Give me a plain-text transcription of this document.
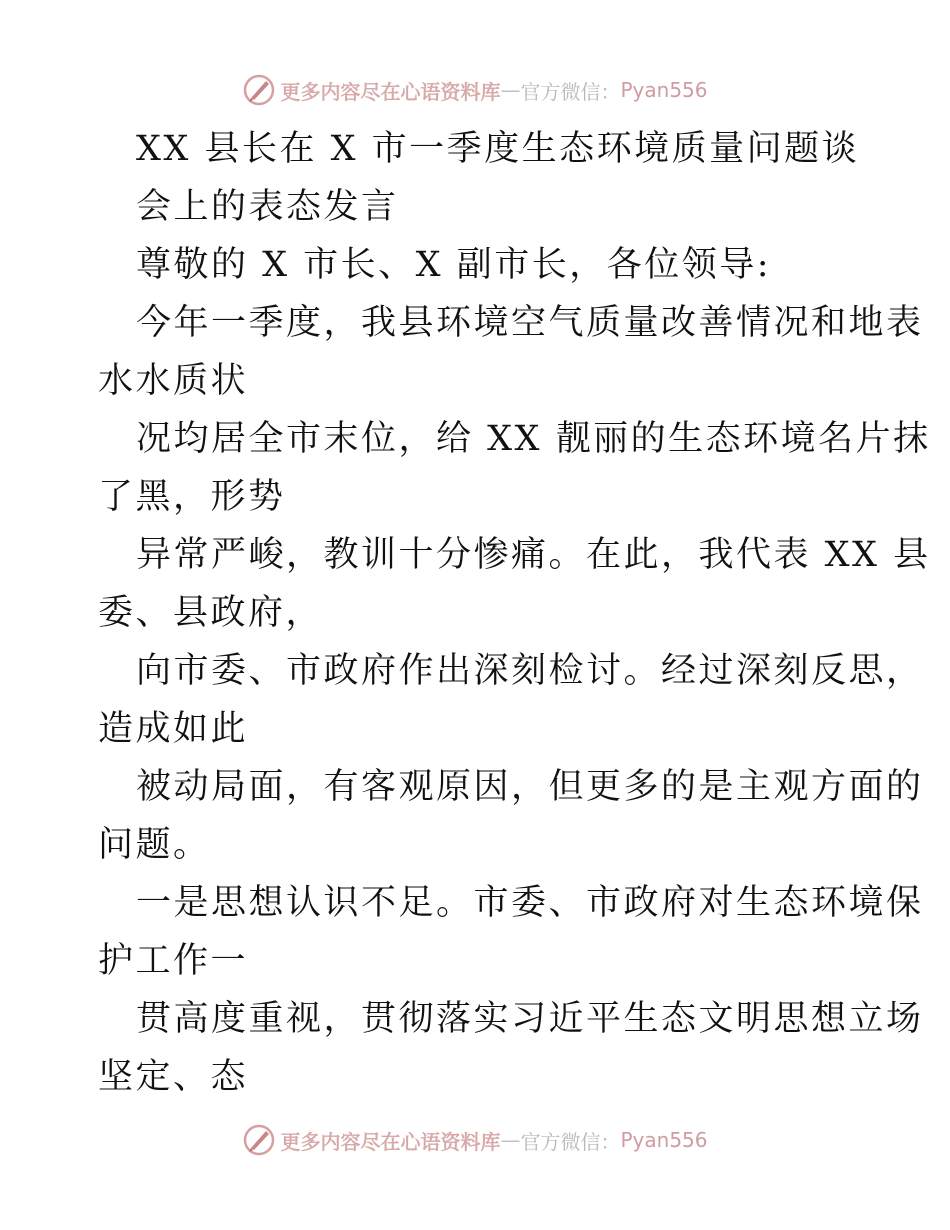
更多内容尽在心语资料库 — 官方微信： Pyan556
XX 县长在 X 市一季度生态环境质量问题谈
会上的表态发言
尊敬的 X 市长、X 副市长，各位领导:
今年一季度，我县环境空气质量改善情况和地表
水水质状
况均居全市末位，给 XX 靓丽的生态环境名片抹
了黑，形势
异常严峻，教训十分惨痛。在此，我代表 XX 县
委、县政府，
向市委、市政府作出深刻检讨。经过深刻反思，
造成如此
被动局面，有客观原因，但更多的是主观方面的
问题。
一是思想认识不足。市委、市政府对生态环境保
护工作一
贯高度重视，贯彻落实习近平生态文明思想立场
坚定、态
更多内容尽在心语资料库 — 官方微信： Pyan556
